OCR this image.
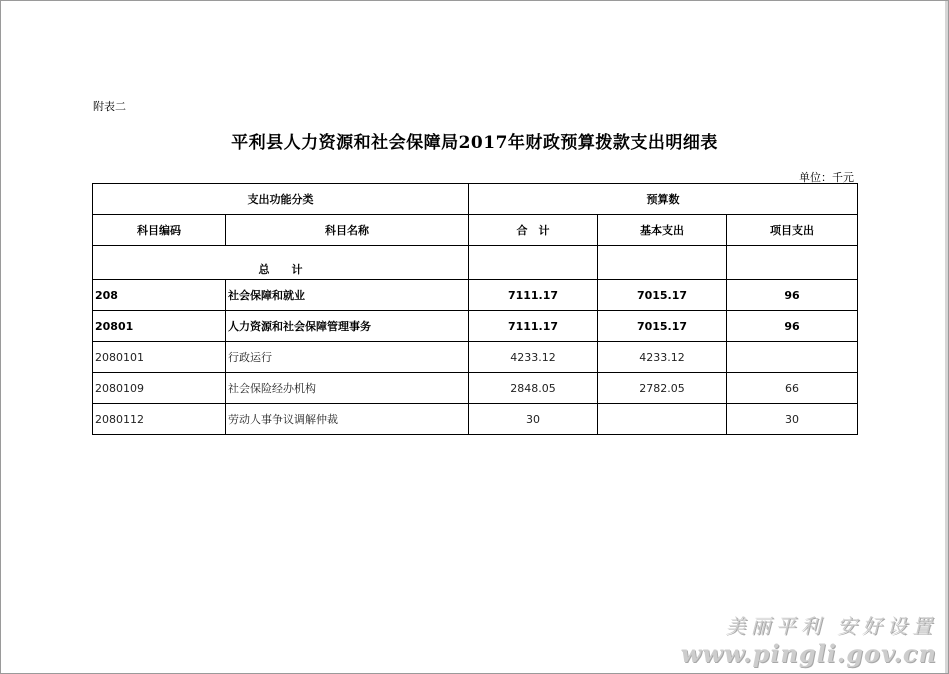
附表二
平利县人力资源和社会保障局2017年财政预算拨款支出明细表
单位：千元
支出功能分类		预算数		
科目编码	科目名称	合　计	基本支出	项目支出
总　　计				
208	社会保障和就业	7111.17	7015.17	96
20801	人力资源和社会保障管理事务	7111.17	7015.17	96
2080101	行政运行	4233.12	4233.12	
2080109	社会保险经办机构	2848.05	2782.05	66
2080112	劳动人事争议调解仲裁	30		30
美丽平利 安好设置
www.pingli.gov.cn
